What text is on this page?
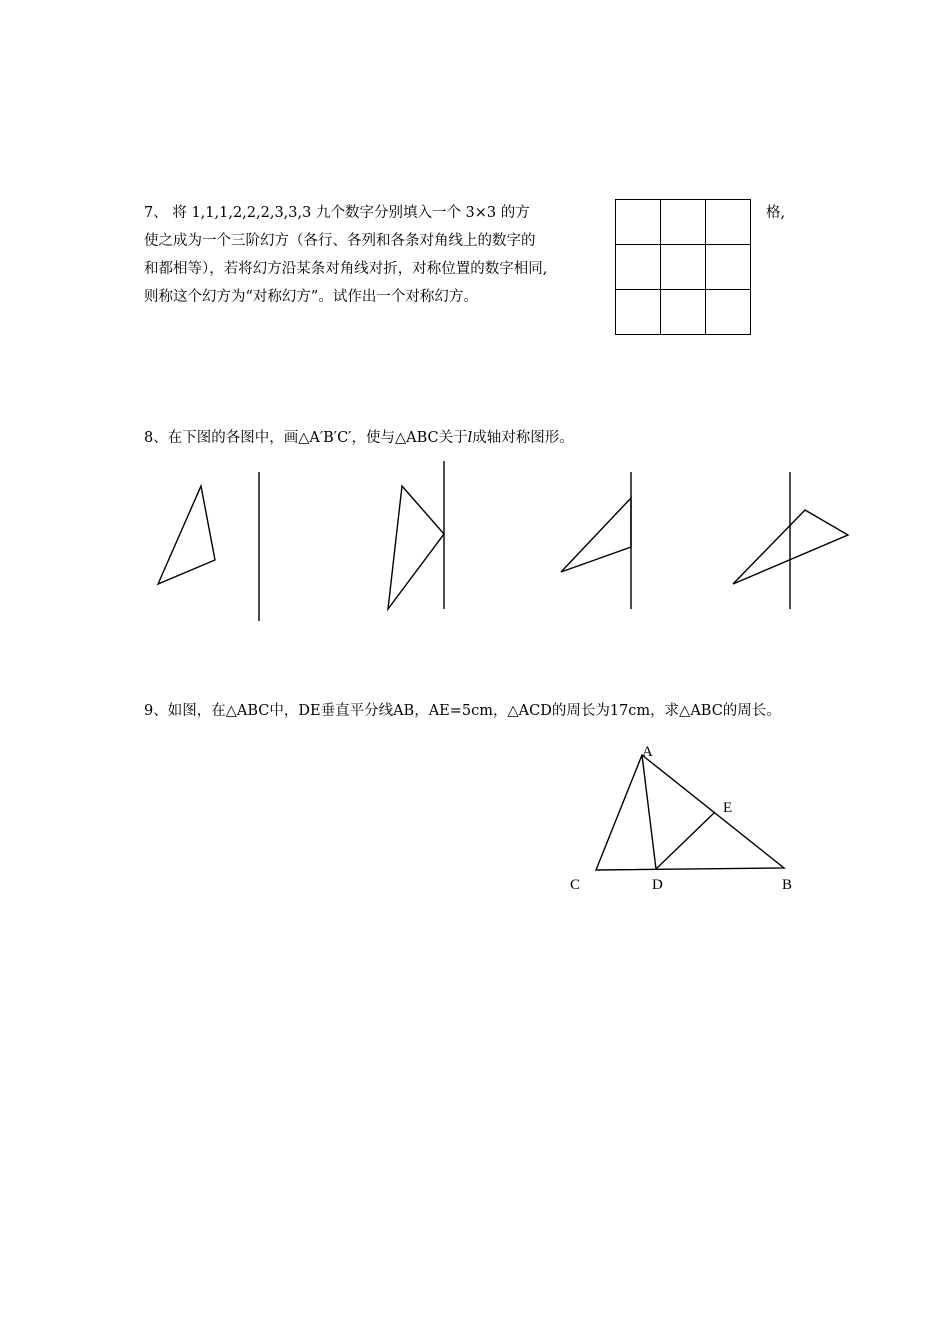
7、 将 1,1,1,2,2,2,3,3,3 九个数字分别填入一个 3×3 的方
使之成为一个三阶幻方（各行、各列和各条对角线上的数字的
和都相等），若将幻方沿某条对角线对折，对称位置的数字相同,
则称这个幻方为“对称幻方”。试作出一个对称幻方。

格,
8、在下图的各图中，画△A′B′C′，使与△ABC关于l成轴对称图形。
A
E
C	D	B
9、如图，在△ABC中，DE垂直平分线AB，AE=5cm，△ACD的周长为17cm，求△ABC的周长。
